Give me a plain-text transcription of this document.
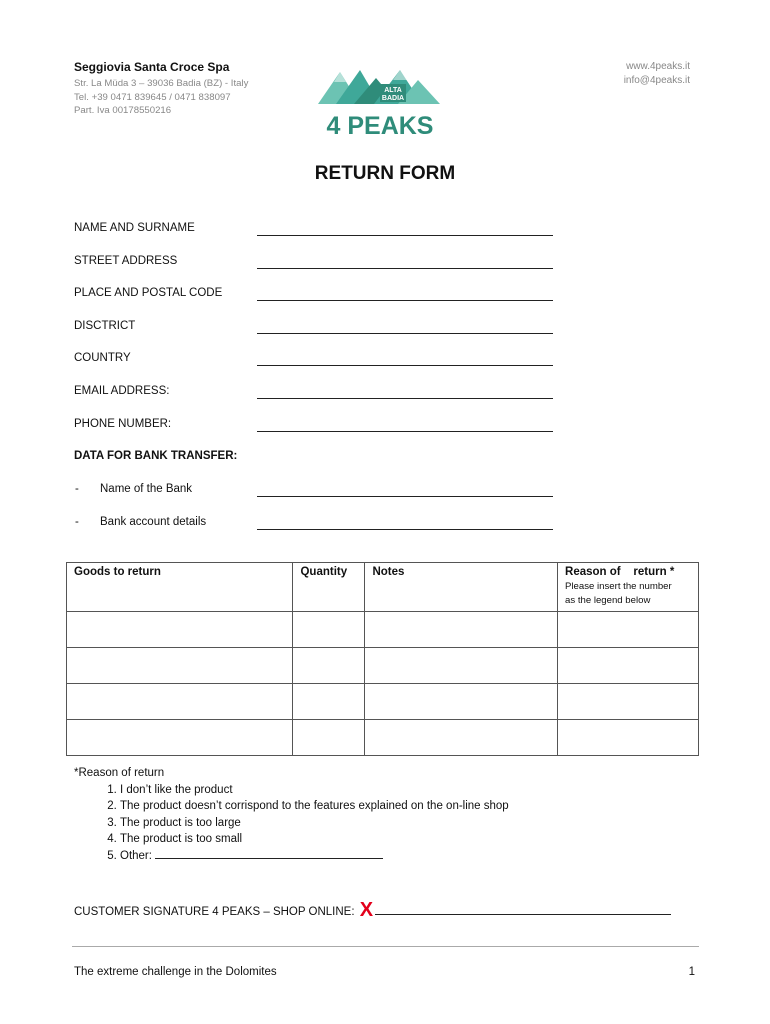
Seggiovia Santa Croce Spa
Str. La Müda 3 – 39036 Badia (BZ) - Italy
Tel. +39 0471 839645 / 0471 838097
Part. Iva 00178550216
www.4peaks.it
info@4peaks.it
ALTA
BADIA
4 PEAKS
RETURN FORM
NAME AND SURNAME
STREET ADDRESS
PLACE AND POSTAL CODE
DISCTRICT
COUNTRY
EMAIL ADDRESS:
PHONE NUMBER:
DATA FOR BANK TRANSFER:
- Name of the Bank
- Bank account details
Goods to return	Quantity	Notes	Reason of    return *
Please insert the number
as the legend below

*Reason of return
1. I don’t like the product
2. The product doesn’t corrispond to the features explained on the on-line shop
3. The product is too large
4. The product is too small
5. Other:
CUSTOMER SIGNATURE 4 PEAKS – SHOP ONLINE: X
The extreme challenge in the Dolomites	1
